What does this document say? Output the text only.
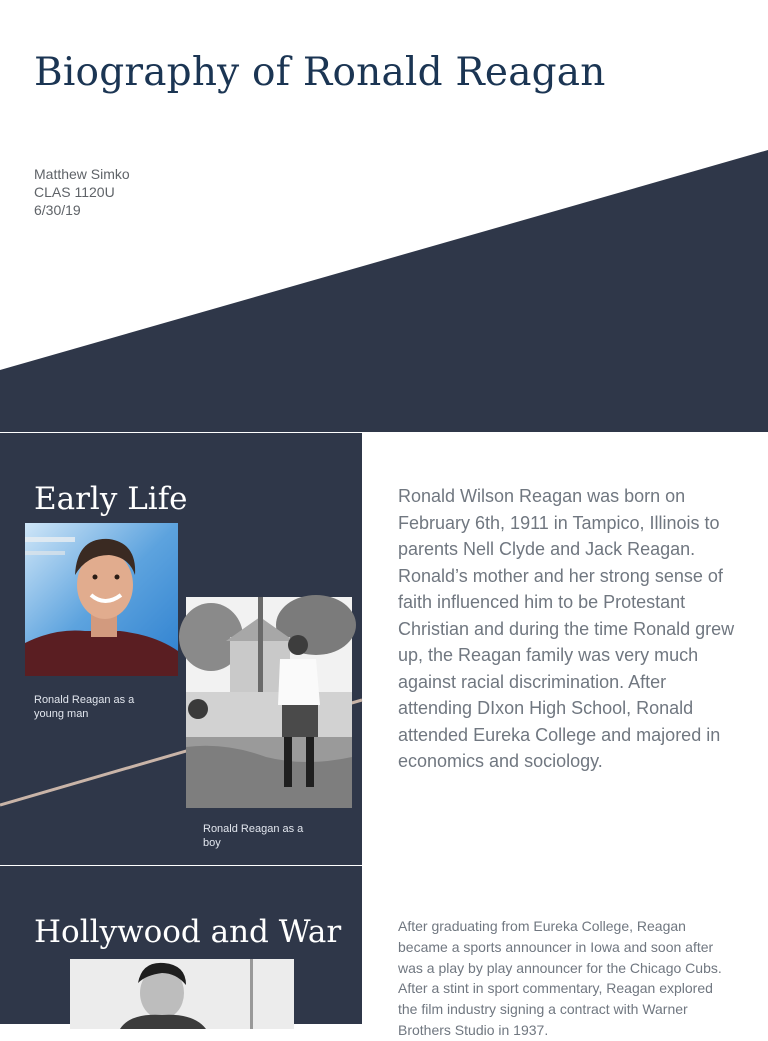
Biography of Ronald Reagan
Matthew Simko
CLAS 1120U
6/30/19
Early Life
Ronald Reagan as a young man
Ronald Reagan as a boy
Ronald Wilson Reagan was born on February 6th, 1911 in Tampico, Illinois to parents Nell Clyde and Jack Reagan. Ronald’s mother and her strong sense of faith influenced him to be Protestant Christian and during the time Ronald grew up, the Reagan family was very much against racial discrimination. After attending DIxon High School, Ronald attended Eureka College and majored in economics and sociology.
Hollywood and War	After graduating from Eureka College, Reagan became a sports announcer in Iowa and soon after was a play by play announcer for the Chicago Cubs. After a stint in sport commentary, Reagan explored the film industry signing a contract with Warner Brothers Studio in 1937.
